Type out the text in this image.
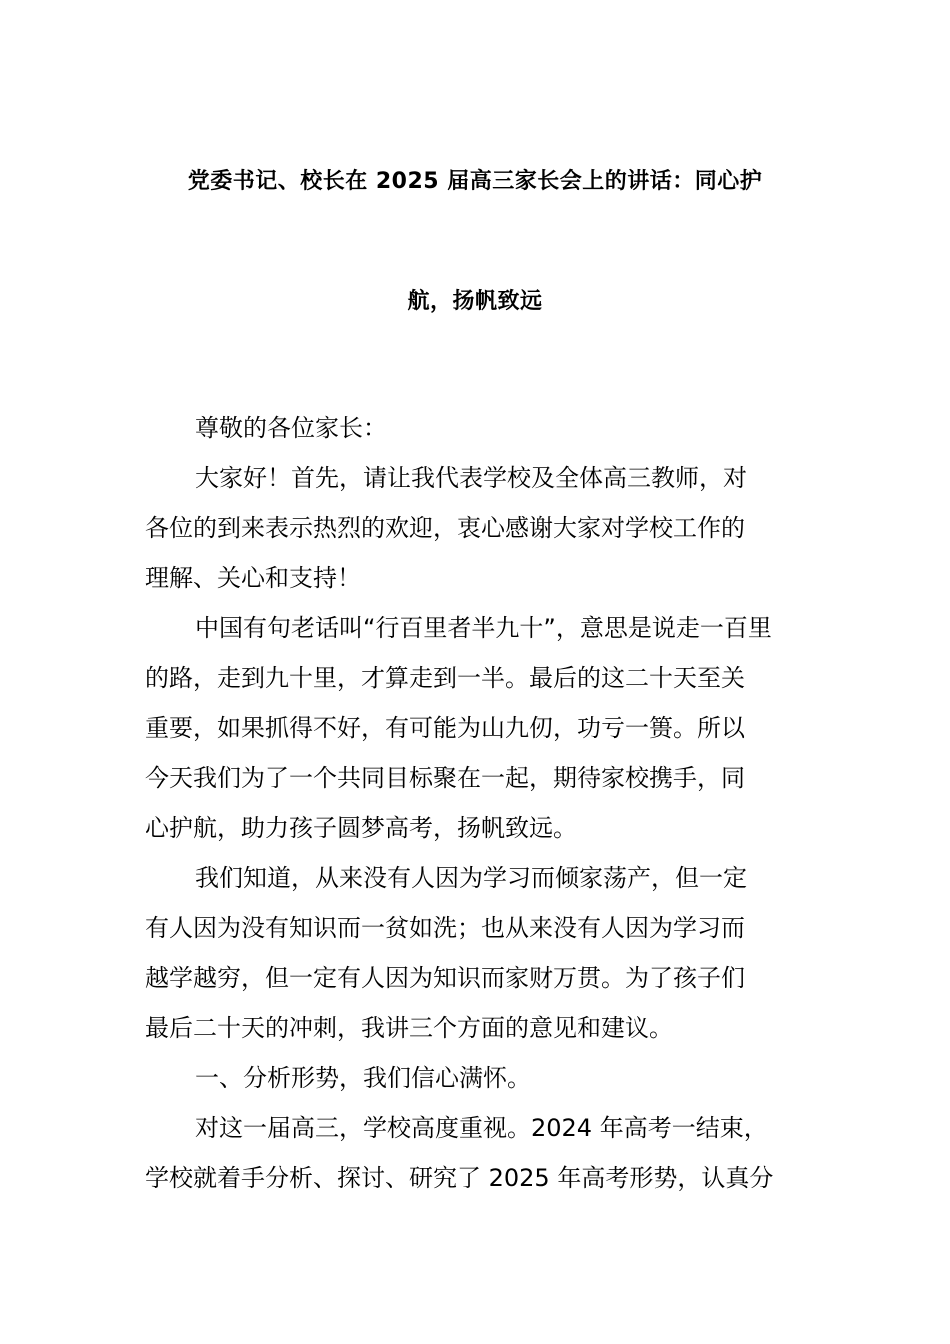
党委书记、校长在 2025 届高三家长会上的讲话：同心护
航，扬帆致远
尊敬的各位家长：
大家好！首先，请让我代表学校及全体高三教师，对
各位的到来表示热烈的欢迎，衷心感谢大家对学校工作的
理解、关心和支持！
中国有句老话叫“行百里者半九十”，意思是说走一百里
的路，走到九十里，才算走到一半。最后的这二十天至关
重要，如果抓得不好，有可能为山九仞，功亏一篑。所以
今天我们为了一个共同目标聚在一起，期待家校携手，同
心护航，助力孩子圆梦高考，扬帆致远。
我们知道，从来没有人因为学习而倾家荡产，但一定
有人因为没有知识而一贫如洗；也从来没有人因为学习而
越学越穷，但一定有人因为知识而家财万贯。为了孩子们
最后二十天的冲刺，我讲三个方面的意见和建议。
一、分析形势，我们信心满怀。
对这一届高三，学校高度重视。2024 年高考一结束，
学校就着手分析、探讨、研究了 2025 年高考形势，认真分
